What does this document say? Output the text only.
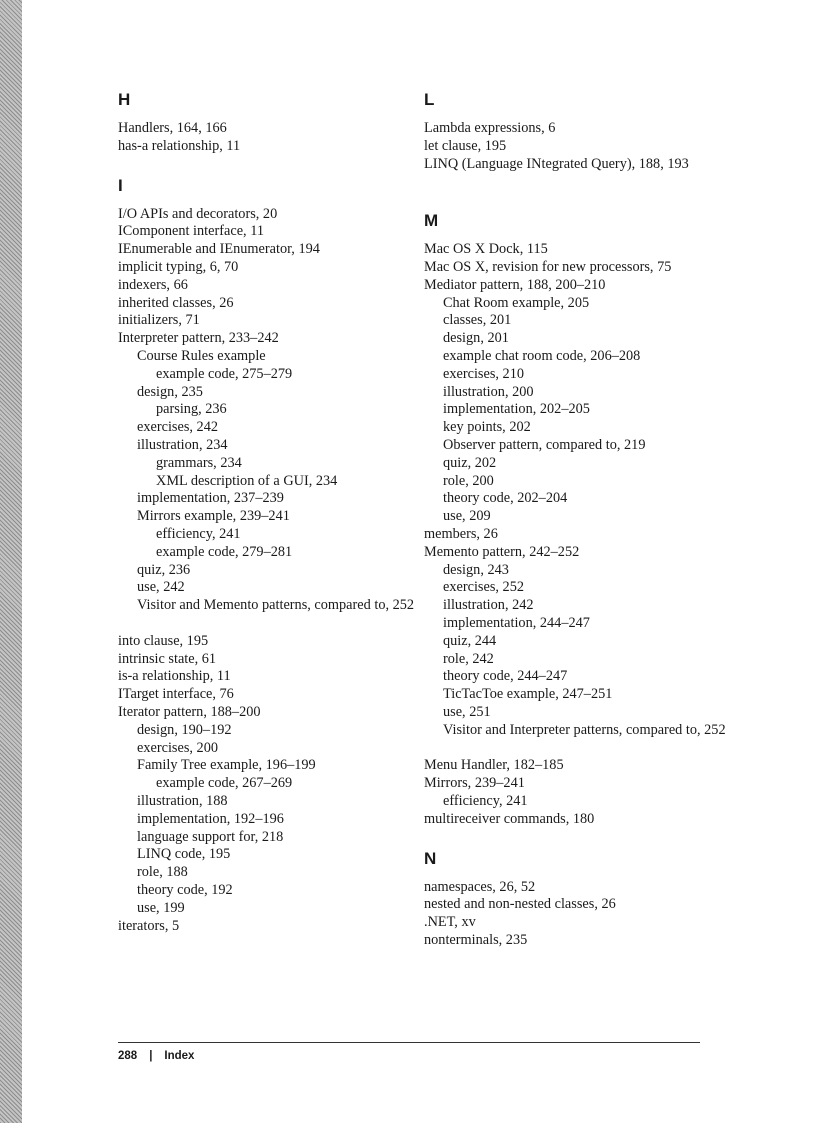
H
Handlers, 164, 166
has-a relationship, 11
I
I/O APIs and decorators, 20
IComponent interface, 11
IEnumerable and IEnumerator, 194
implicit typing, 6, 70
indexers, 66
inherited classes, 26
initializers, 71
Interpreter pattern, 233–242
Course Rules example
example code, 275–279
design, 235
parsing, 236
exercises, 242
illustration, 234
grammars, 234
XML description of a GUI, 234
implementation, 237–239
Mirrors example, 239–241
efficiency, 241
example code, 279–281
quiz, 236
use, 242
Visitor and Memento patterns, compared to, 252
into clause, 195
intrinsic state, 61
is-a relationship, 11
ITarget interface, 76
Iterator pattern, 188–200
design, 190–192
exercises, 200
Family Tree example, 196–199
example code, 267–269
illustration, 188
implementation, 192–196
language support for, 218
LINQ code, 195
role, 188
theory code, 192
use, 199
iterators, 5
L
Lambda expressions, 6
let clause, 195
LINQ (Language INtegrated Query), 188, 193
M
Mac OS X Dock, 115
Mac OS X, revision for new processors, 75
Mediator pattern, 188, 200–210
Chat Room example, 205
classes, 201
design, 201
example chat room code, 206–208
exercises, 210
illustration, 200
implementation, 202–205
key points, 202
Observer pattern, compared to, 219
quiz, 202
role, 200
theory code, 202–204
use, 209
members, 26
Memento pattern, 242–252
design, 243
exercises, 252
illustration, 242
implementation, 244–247
quiz, 244
role, 242
theory code, 244–247
TicTacToe example, 247–251
use, 251
Visitor and Interpreter patterns, compared to, 252
Menu Handler, 182–185
Mirrors, 239–241
efficiency, 241
multireceiver commands, 180
N
namespaces, 26, 52
nested and non-nested classes, 26
.NET, xv
nonterminals, 235
288 | Index
